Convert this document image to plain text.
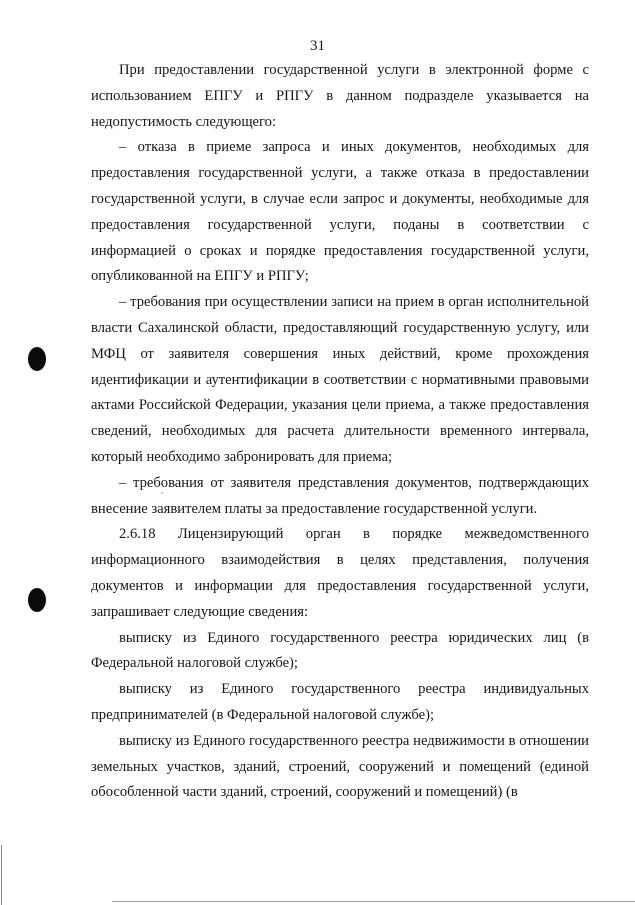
31

При предоставлении государственной услуги в электронной форме с использованием ЕПГУ и РПГУ в данном подразделе указывается на недопустимость следующего:

– отказа в приеме запроса и иных документов, необходимых для предоставления государственной услуги, а также отказа в предоставлении государственной услуги, в случае если запрос и документы, необходимые для предоставления государственной услуги, поданы в соответствии с информацией о сроках и порядке предоставления государственной услуги, опубликованной на ЕПГУ и РПГУ;

– требования при осуществлении записи на прием в орган исполнительной власти Сахалинской области, предоставляющий государственную услугу, или МФЦ от заявителя совершения иных действий, кроме прохождения идентификации и аутентификации в соответствии с нормативными правовыми актами Российской Федерации, указания цели приема, а также предоставления сведений, необходимых для расчета длительности временного интервала, который необходимо забронировать для приема;

– требования от заявителя представления документов, подтверждающих внесение заявителем платы за предоставление государственной услуги.

2.6.18 Лицензирующий орган в порядке межведомственного информационного взаимодействия в целях представления, получения документов и информации для предоставления государственной услуги, запрашивает следующие сведения:

выписку из Единого государственного реестра юридических лиц (в Федеральной налоговой службе);

выписку из Единого государственного реестра индивидуальных предпринимателей (в Федеральной налоговой службе);

выписку из Единого государственного реестра недвижимости в отношении земельных участков, зданий, строений, сооружений и помещений (единой обособленной части зданий, строений, сооружений и помещений) (в
